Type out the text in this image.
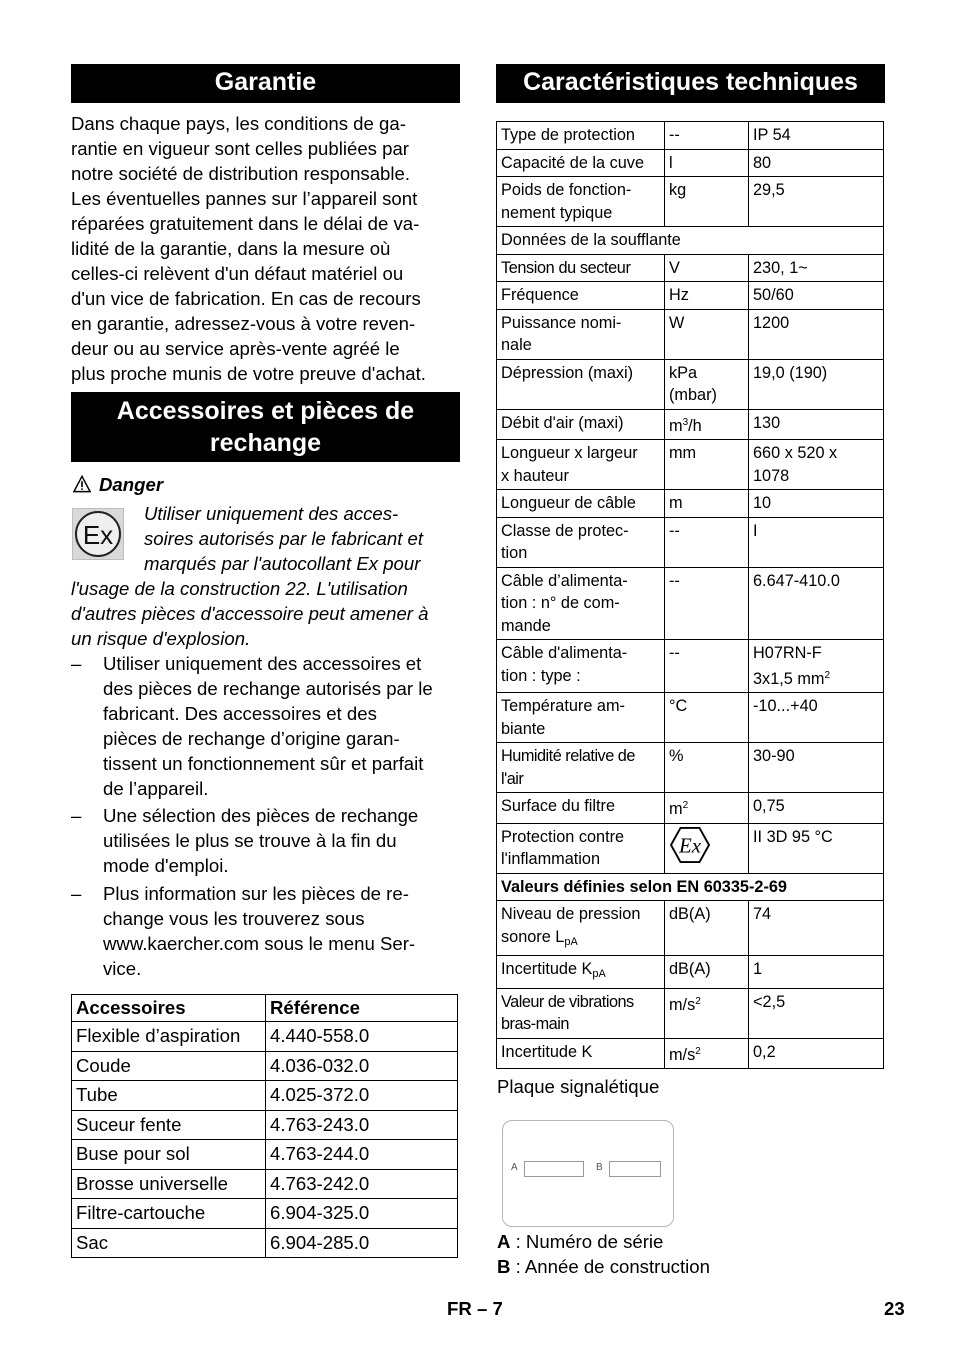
Garantie
Dans chaque pays, les conditions de ga-
rantie en vigueur sont celles publiées par
notre société de distribution responsable.
Les éventuelles pannes sur l’appareil sont
réparées gratuitement dans le délai de va-
lidité de la garantie, dans la mesure où
celles-ci relèvent d'un défaut matériel ou
d'un vice de fabrication. En cas de recours
en garantie, adressez-vous à votre reven-
deur ou au service après-vente agréé le
plus proche munis de votre preuve d'achat.
Accessoires et pièces de
rechange
Danger
Ex
Utiliser uniquement des acces-
soires autorisés par le fabricant et
marqués par l'autocollant Ex pour
l'usage de la construction 22. L'utilisation
d'autres pièces d'accessoire peut amener à
un risque d'explosion.
– Utiliser uniquement des accessoires et
des pièces de rechange autorisés par le
fabricant. Des accessoires et des
pièces de rechange d’origine garan-
tissent un fonctionnement sûr et parfait
de l’appareil.
– Une sélection des pièces de rechange
utilisées le plus se trouve à la fin du
mode d'emploi.
– Plus information sur les pièces de re-
change vous les trouverez sous
www.kaercher.com sous le menu Ser-
vice.
Accessoires	Référence
Flexible d’aspiration	4.440-558.0
Coude	4.036-032.0
Tube	4.025-372.0
Suceur fente	4.763-243.0
Buse pour sol	4.763-244.0
Brosse universelle	4.763-242.0
Filtre-cartouche	6.904-325.0
Sac	6.904-285.0
Caractéristiques techniques
Type de protection	--	IP 54
Capacité de la cuve	l	80
Poids de fonction-
nement typique	kg	29,5
Données de la soufflante		
Tension du secteur	V	230, 1~
Fréquence	Hz	50/60
Puissance nomi-
nale	W	1200
Dépression (maxi)	kPa
(mbar)	19,0 (190)
Débit d'air (maxi)	$m^3/h$	130
Longueur x largeur
x hauteur	mm	660 x 520 x
1078
Longueur de câble	m	10
Classe de protec-
tion	--	I
Câble d’alimenta-
tion : n° de com-
mande	--	6.647-410.0
Câble d'alimenta-
tion : type :	--	H07RN-F
3x1,5 $mm^2$
Température am-
biante	°C	-10...+40
Humidité relative de
l'air	%	30-90
Surface du filtre	$m^2$	0,75
Protection contre
l'inflammation	Ex	II 3D 95 °C
Valeurs définies selon EN 60335-2-69		
Niveau de pression
sonore $L_{pA}$	dB(A)	74
Incertitude $K_{pA}$	dB(A)	1
Valeur de vibrations
bras-main	$m/s^2$	<2,5
Incertitude K	$m/s^2$	0,2
Plaque signalétique
A	B
A : Numéro de série
B : Année de construction
FR – 7	23
